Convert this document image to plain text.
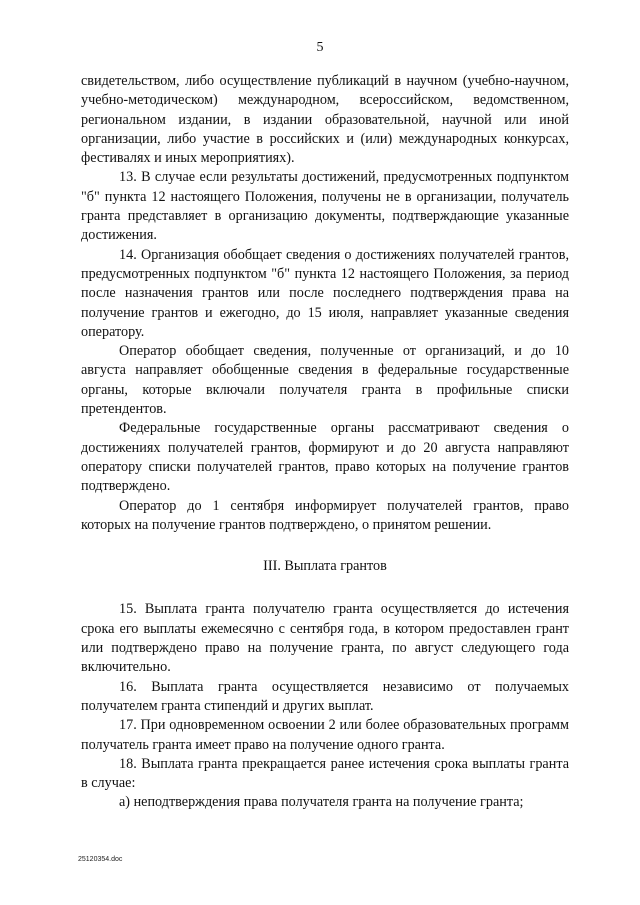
5

свидетельством, либо осуществление публикаций в научном (учебно-научном, учебно-методическом) международном, всероссийском, ведомственном, региональном издании, в издании образовательной, научной или иной организации, либо участие в российских и (или) международных конкурсах, фестивалях и иных мероприятиях).

13. В случае если результаты достижений, предусмотренных подпунктом "б" пункта 12 настоящего Положения, получены не в организации, получатель гранта представляет в организацию документы, подтверждающие указанные достижения.

14. Организация обобщает сведения о достижениях получателей грантов, предусмотренных подпунктом "б" пункта 12 настоящего Положения, за период после назначения грантов или после последнего подтверждения права на получение грантов и ежегодно, до 15 июля, направляет указанные сведения оператору.

Оператор обобщает сведения, полученные от организаций, и до 10 августа направляет обобщенные сведения в федеральные государственные органы, которые включали получателя гранта в профильные списки претендентов.

Федеральные государственные органы рассматривают сведения о достижениях получателей грантов, формируют и до 20 августа направляют оператору списки получателей грантов, право которых на получение грантов подтверждено.

Оператор до 1 сентября информирует получателей грантов, право которых на получение грантов подтверждено, о принятом решении.

III. Выплата грантов

15. Выплата гранта получателю гранта осуществляется до истечения срока его выплаты ежемесячно с сентября года, в котором предоставлен грант или подтверждено право на получение гранта, по август следующего года включительно.

16. Выплата гранта осуществляется независимо от получаемых получателем гранта стипендий и других выплат.

17. При одновременном освоении 2 или более образовательных программ получатель гранта имеет право на получение одного гранта.

18. Выплата гранта прекращается ранее истечения срока выплаты гранта в случае:

а) неподтверждения права получателя гранта на получение гранта;

25120354.doc
